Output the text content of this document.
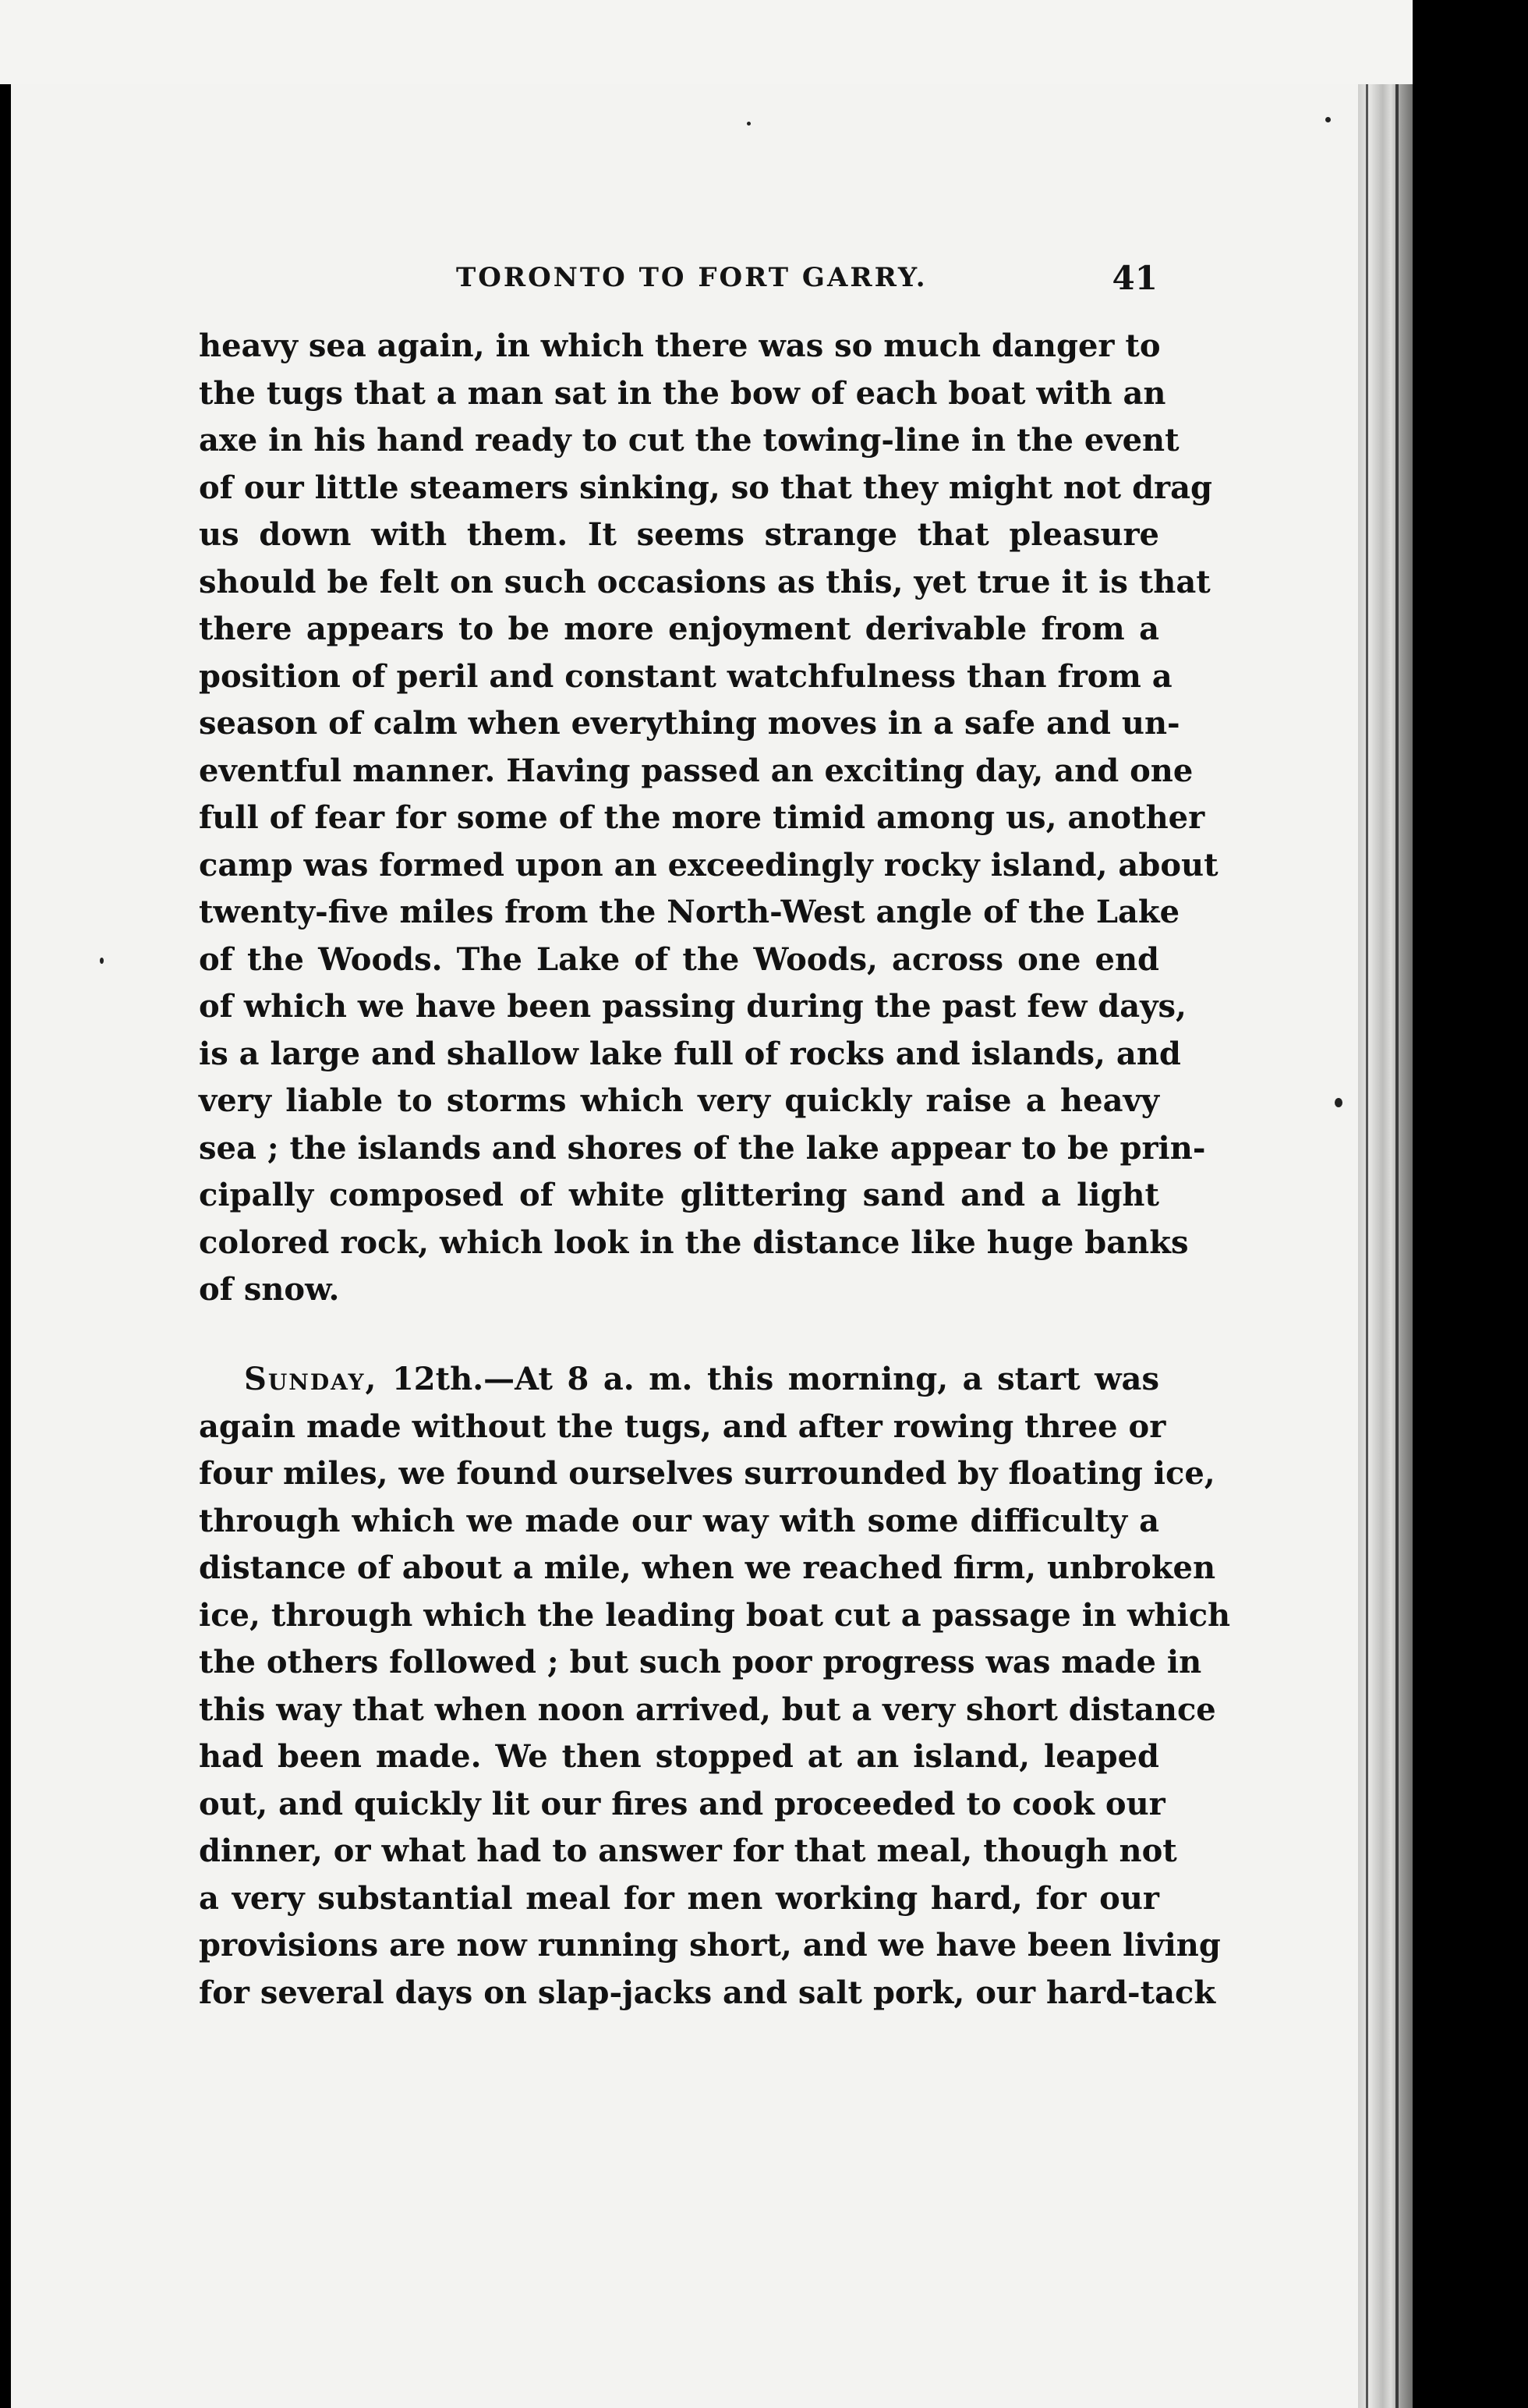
TORONTO TO FORT GARRY.	41
heavy sea again, in which there was so much danger to
the tugs that a man sat in the bow of each boat with an
axe in his hand ready to cut the towing-line in the event
of our little steamers sinking, so that they might not drag
us down with them. It seems strange that pleasure
should be felt on such occasions as this, yet true it is that
there appears to be more enjoyment derivable from a
position of peril and constant watchfulness than from a
season of calm when everything moves in a safe and un-
eventful manner. Having passed an exciting day, and one
full of fear for some of the more timid among us, another
camp was formed upon an exceedingly rocky island, about
twenty-five miles from the North-West angle of the Lake
of the Woods. The Lake of the Woods, across one end
of which we have been passing during the past few days,
is a large and shallow lake full of rocks and islands, and
very liable to storms which very quickly raise a heavy
sea ; the islands and shores of the lake appear to be prin-
cipally composed of white glittering sand and a light
colored rock, which look in the distance like huge banks
of snow.
Sunday, 12th.—At 8 a. m. this morning, a start was
again made without the tugs, and after rowing three or
four miles, we found ourselves surrounded by floating ice,
through which we made our way with some difficulty a
distance of about a mile, when we reached firm, unbroken
ice, through which the leading boat cut a passage in which
the others followed ; but such poor progress was made in
this way that when noon arrived, but a very short distance
had been made. We then stopped at an island, leaped
out, and quickly lit our fires and proceeded to cook our
dinner, or what had to answer for that meal, though not
a very substantial meal for men working hard, for our
provisions are now running short, and we have been living
for several days on slap-jacks and salt pork, our hard-tack
